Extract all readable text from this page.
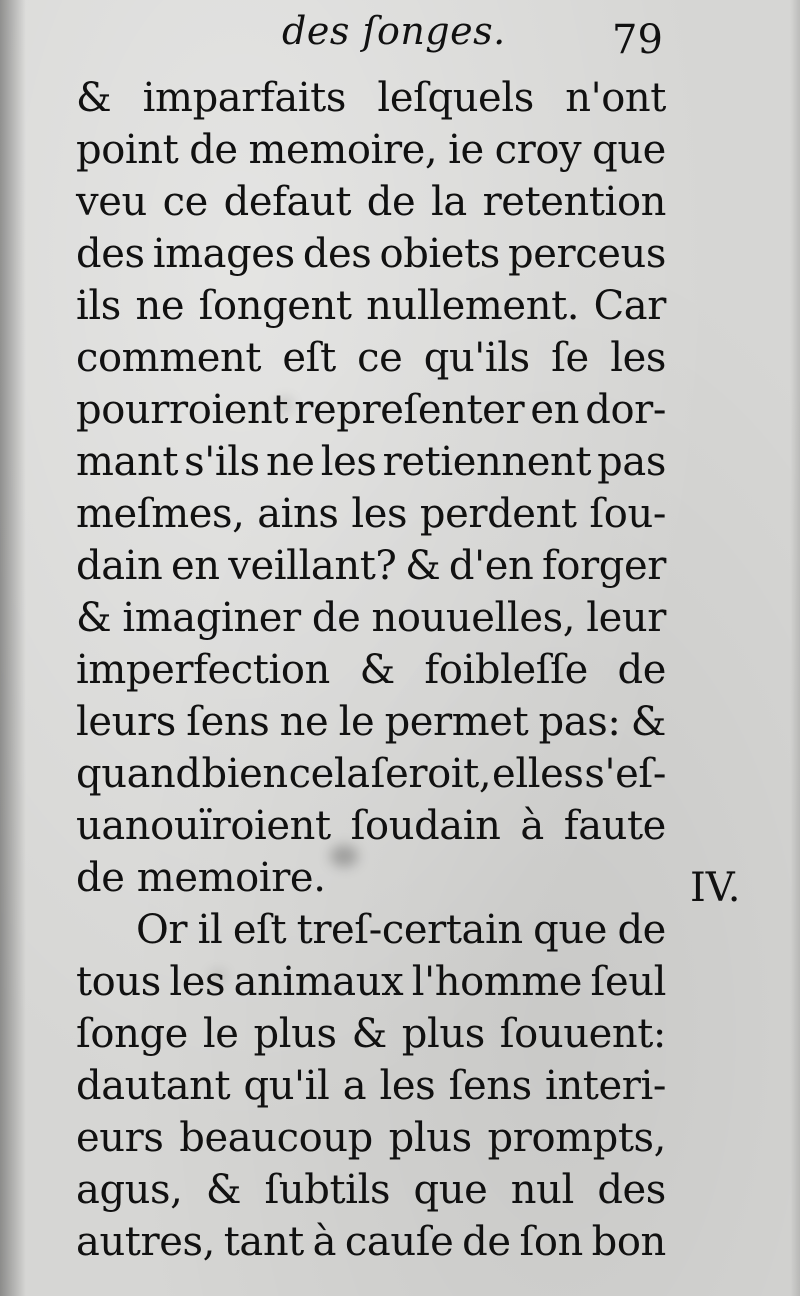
des ſonges.	79
IV.
& imparfaits leſquels n'ont
point de memoire, ie croy que
veu ce defaut de la retention
des images des obiets perceus
ils ne ſongent nullement. Car
comment eſt ce qu'ils ſe les
pourroient repreſenter en dor-
mant s'ils ne les retiennent pas
meſmes, ains les perdent ſou-
dain en veillant? & d'en forger
& imaginer de nouuelles, leur
imperfection & foibleſſe de
leurs ſens ne le permet pas: &
quand bien cela ſeroit, elles s'eſ-
uanouïroient ſoudain à faute
de memoire.
Or il eſt treſ-certain que de
tous les animaux l'homme ſeul
ſonge le plus & plus ſouuent:
dautant qu'il a les ſens interi-
eurs beaucoup plus prompts,
agus, & ſubtils que nul des
autres, tant à cauſe de ſon bon
